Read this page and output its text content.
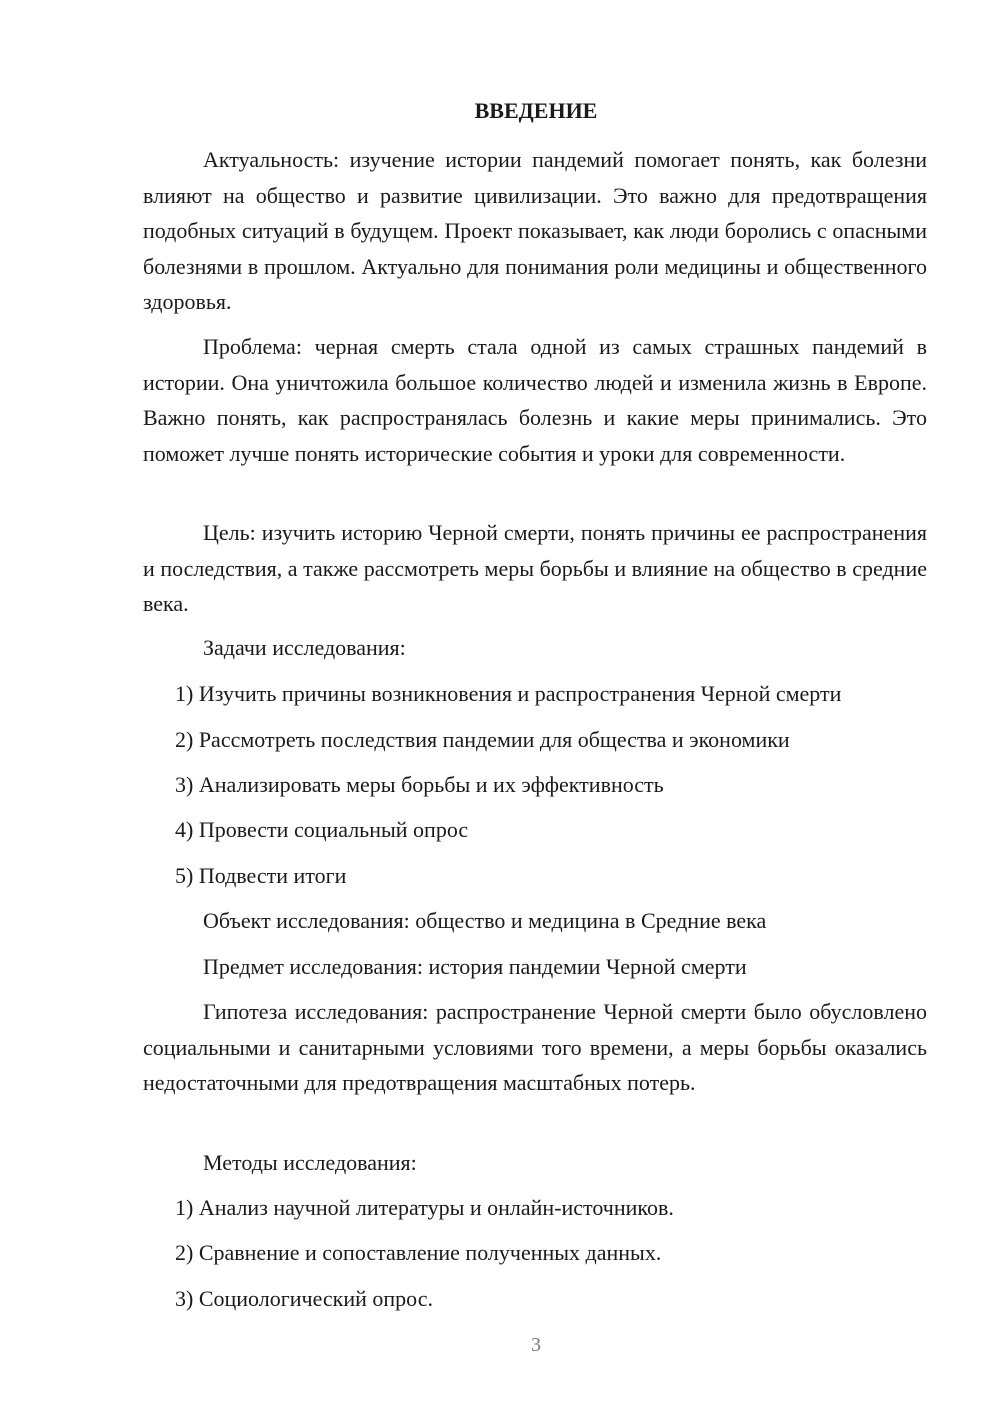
ВВЕДЕНИЕ

Актуальность: изучение истории пандемий помогает понять, как болезни влияют на общество и развитие цивилизации. Это важно для предотвращения подобных ситуаций в будущем. Проект показывает, как люди боролись с опасными болезнями в прошлом. Актуально для понимания роли медицины и общественного здоровья.

Проблема: черная смерть стала одной из самых страшных пандемий в истории. Она уничтожила большое количество людей и изменила жизнь в Европе. Важно понять, как распространялась болезнь и какие меры принимались. Это поможет лучше понять исторические события и уроки для современности.

Цель: изучить историю Черной смерти, понять причины ее распространения и последствия, а также рассмотреть меры борьбы и влияние на общество в средние века.

Задачи исследования:
1) Изучить причины возникновения и распространения Черной смерти
2) Рассмотреть последствия пандемии для общества и экономики
3) Анализировать меры борьбы и их эффективность
4) Провести социальный опрос
5) Подвести итоги
Объект исследования: общество и медицина в Средние века
Предмет исследования: история пандемии Черной смерти

Гипотеза исследования: распространение Черной смерти было обусловлено социальными и санитарными условиями того времени, а меры борьбы оказались недостаточными для предотвращения масштабных потерь.

Методы исследования:
1) Анализ научной литературы и онлайн-источников.
2) Сравнение и сопоставление полученных данных.
3) Социологический опрос.
3
